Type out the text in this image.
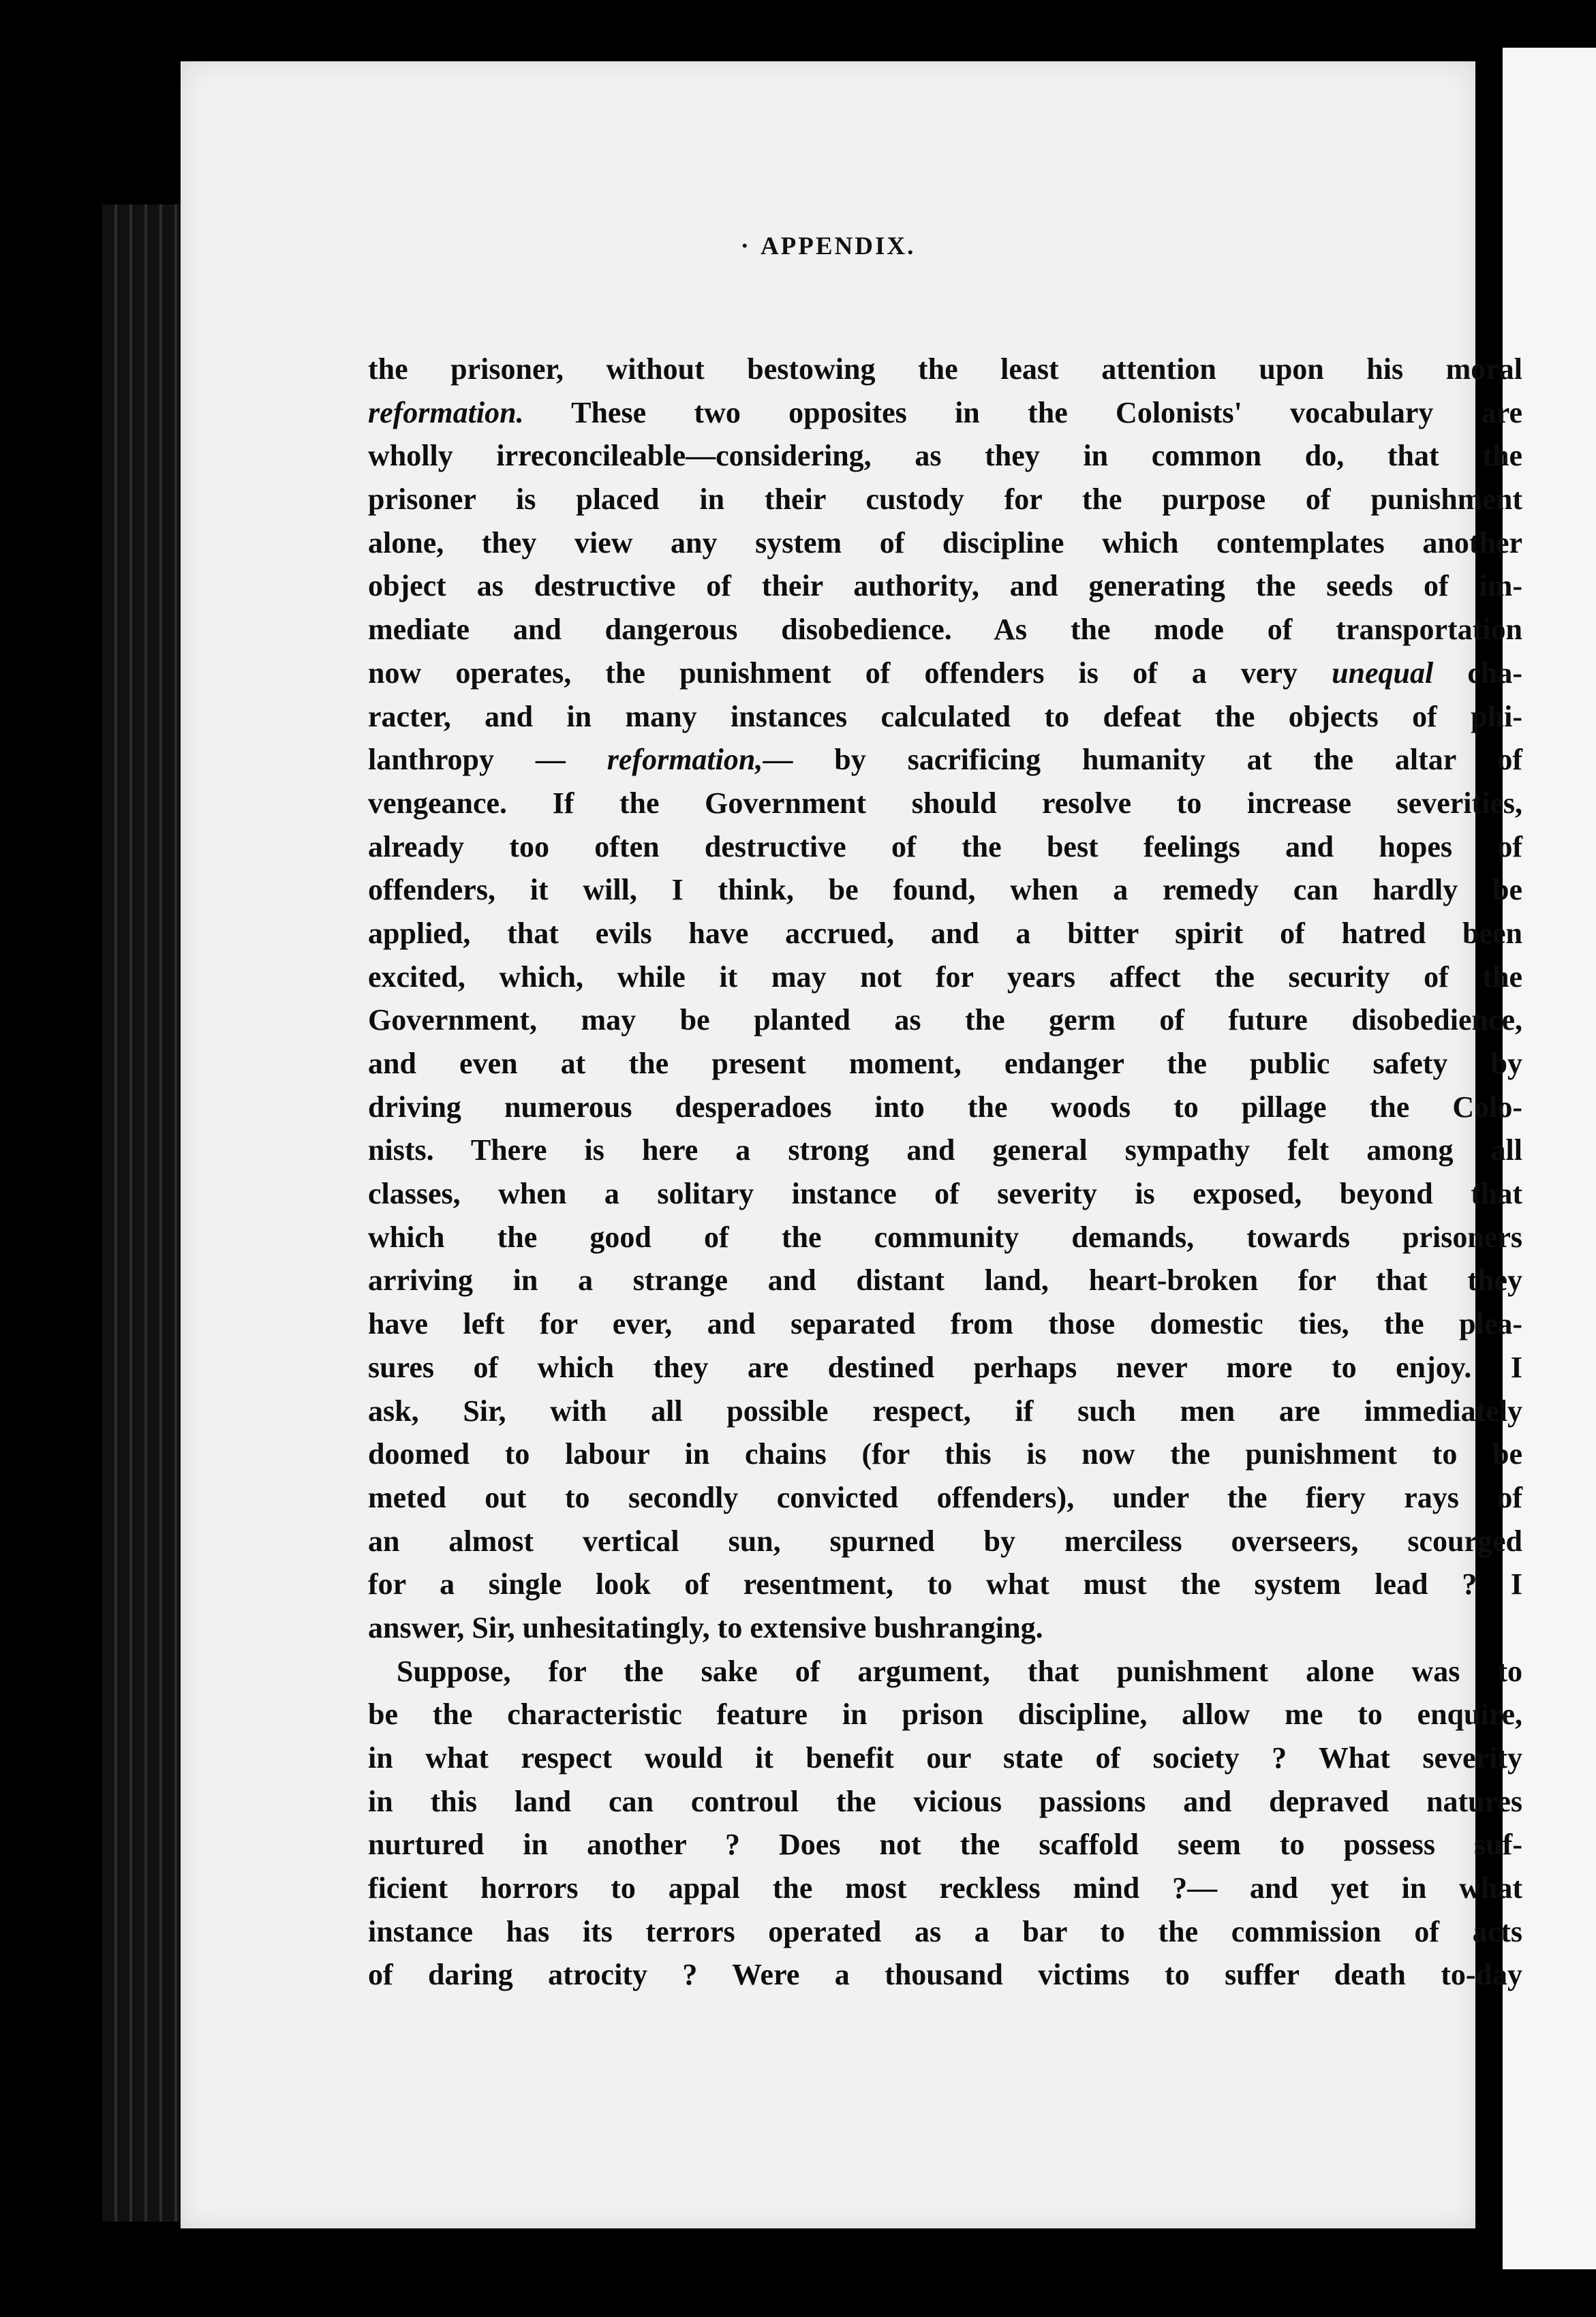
· APPENDIX.
the prisoner, without bestowing the least attention upon his moral
reformation. These two opposites in the Colonists' vocabulary are
wholly irreconcileable—considering, as they in common do, that the
prisoner is placed in their custody for the purpose of punishment
alone, they view any system of discipline which contemplates another
object as destructive of their authority, and generating the seeds of im-
mediate and dangerous disobedience. As the mode of transportation
now operates, the punishment of offenders is of a very unequal cha-
racter, and in many instances calculated to defeat the objects of phi-
lanthropy — reformation,— by sacrificing humanity at the altar of
vengeance. If the Government should resolve to increase severities,
already too often destructive of the best feelings and hopes of
offenders, it will, I think, be found, when a remedy can hardly be
applied, that evils have accrued, and a bitter spirit of hatred been
excited, which, while it may not for years affect the security of the
Government, may be planted as the germ of future disobedience,
and even at the present moment, endanger the public safety by
driving numerous desperadoes into the woods to pillage the Colo-
nists. There is here a strong and general sympathy felt among all
classes, when a solitary instance of severity is exposed, beyond that
which the good of the community demands, towards prisoners
arriving in a strange and distant land, heart-broken for that they
have left for ever, and separated from those domestic ties, the plea-
sures of which they are destined perhaps never more to enjoy. I
ask, Sir, with all possible respect, if such men are immediately
doomed to labour in chains (for this is now the punishment to be
meted out to secondly convicted offenders), under the fiery rays of
an almost vertical sun, spurned by merciless overseers, scourged
for a single look of resentment, to what must the system lead ? I
answer, Sir, unhesitatingly, to extensive bushranging.
Suppose, for the sake of argument, that punishment alone was to
be the characteristic feature in prison discipline, allow me to enquire,
in what respect would it benefit our state of society ? What severity
in this land can controul the vicious passions and depraved natures
nurtured in another ? Does not the scaffold seem to possess suf-
ficient horrors to appal the most reckless mind ?— and yet in what
instance has its terrors operated as a bar to the commission of acts
of daring atrocity ? Were a thousand victims to suffer death to-day
